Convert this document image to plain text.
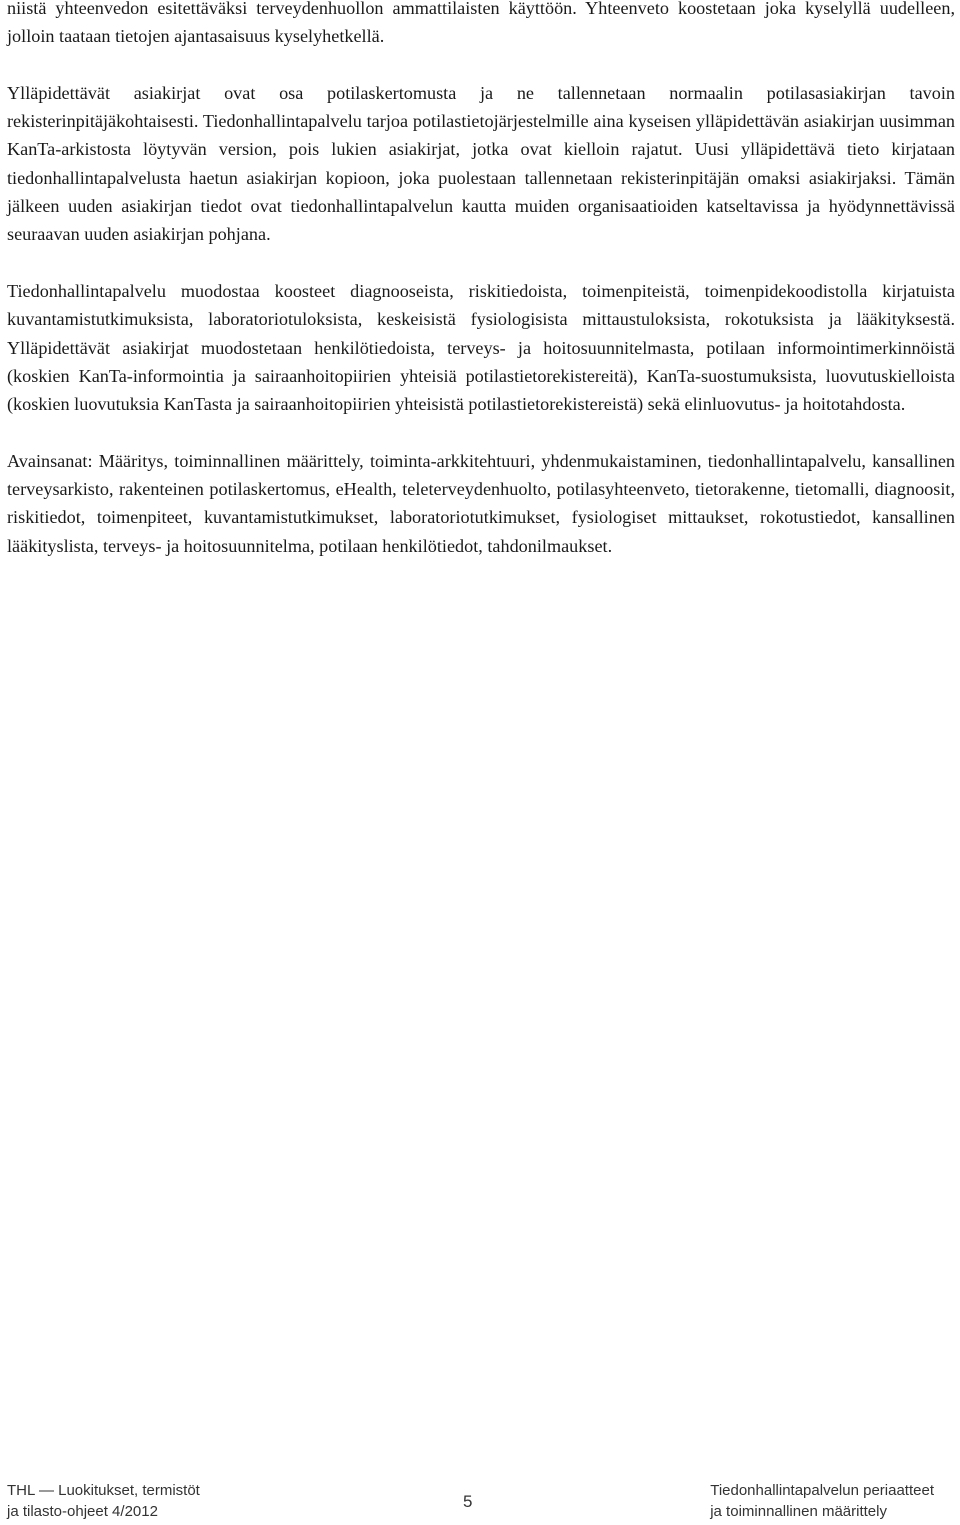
niistä yhteenvedon esitettäväksi terveydenhuollon ammattilaisten käyttöön. Yhteenveto koostetaan joka kyselyllä uudelleen, jolloin taataan tietojen ajantasaisuus kyselyhetkellä.

Ylläpidettävät asiakirjat ovat osa potilaskertomusta ja ne tallennetaan normaalin potilasasiakirjan tavoin rekisterinpitäjäkohtaisesti. Tiedonhallintapalvelu tarjoa potilastietojärjestelmille aina kyseisen ylläpidettävän asiakirjan uusimman KanTa-arkistosta löytyvän version, pois lukien asiakirjat, jotka ovat kielloin rajatut. Uusi ylläpidettävä tieto kirjataan tiedonhallintapalvelusta haetun asiakirjan kopioon, joka puolestaan tallennetaan rekisterinpitäjän omaksi asiakirjaksi. Tämän jälkeen uuden asiakirjan tiedot ovat tiedonhallintapalvelun kautta muiden organisaatioiden katseltavissa ja hyödynnettävissä seuraavan uuden asiakirjan pohjana.

Tiedonhallintapalvelu muodostaa koosteet diagnooseista, riskitiedoista, toimenpiteistä, toimenpidekoodistolla kirjatuista kuvantamistutkimuksista, laboratoriotuloksista, keskeisistä fysiologisista mittaustuloksista, rokotuksista ja lääkityksestä. Ylläpidettävät asiakirjat muodostetaan henkilötiedoista, terveys- ja hoitosuunnitelmasta, potilaan informointimerkinnöistä (koskien KanTa-informointia ja sairaanhoitopiirien yhteisiä potilastietorekistereitä), KanTa-suostumuksista, luovutuskielloista (koskien luovutuksia KanTasta ja sairaanhoitopiirien yhteisistä potilastietorekistereistä) sekä elinluovutus- ja hoitotahdosta.

Avainsanat: Määritys, toiminnallinen määrittely, toiminta-arkkitehtuuri, yhdenmukaistaminen, tiedonhallintapalvelu, kansallinen terveysarkisto, rakenteinen potilaskertomus, eHealth, teleterveydenhuolto, potilasyhteenveto, tietorakenne, tietomalli, diagnoosit, riskitiedot, toimenpiteet, kuvantamistutkimukset, laboratoriotutkimukset, fysiologiset mittaukset, rokotustiedot, kansallinen lääkityslista, terveys- ja hoitosuunnitelma, potilaan henkilötiedot, tahdonilmaukset.

THL — Luokitukset, termistöt
ja tilasto-ohjeet 4/2012
5
Tiedonhallintapalvelun periaatteet
ja toiminnallinen määrittely
